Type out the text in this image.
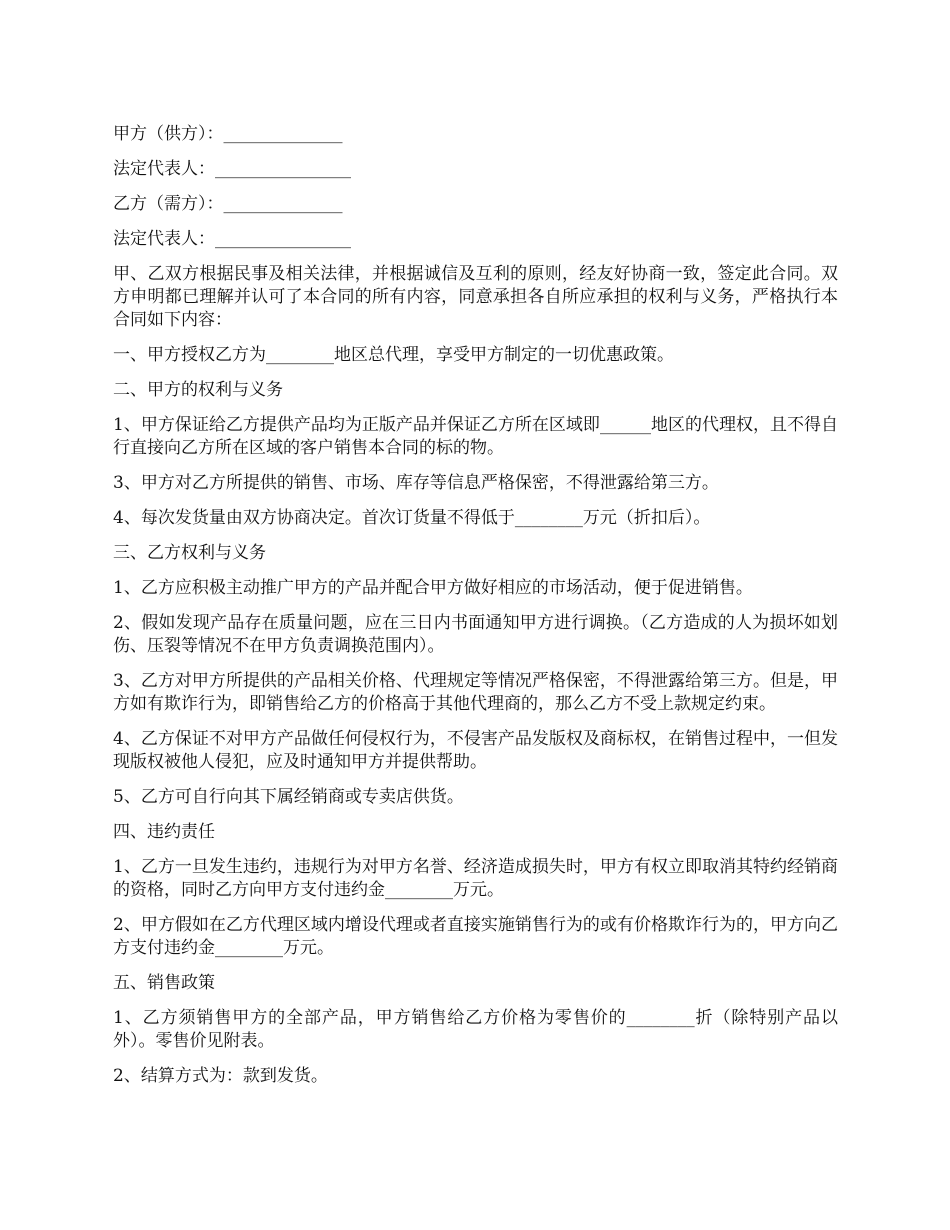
甲方（供方）：______________

法定代表人：________________

乙方（需方）：______________

法定代表人：________________

甲、乙双方根据民事及相关法律，并根据诚信及互利的原则，经友好协商一致，签定此合同。双方申明都已理解并认可了本合同的所有内容，同意承担各自所应承担的权利与义务，严格执行本合同如下内容：

一、甲方授权乙方为________地区总代理，享受甲方制定的一切优惠政策。

二、甲方的权利与义务

1、甲方保证给乙方提供产品均为正版产品并保证乙方所在区域即______地区的代理权，且不得自行直接向乙方所在区域的客户销售本合同的标的物。

3、甲方对乙方所提供的销售、市场、库存等信息严格保密，不得泄露给第三方。

4、每次发货量由双方协商决定。首次订货量不得低于________万元（折扣后）。

三、乙方权利与义务

1、乙方应积极主动推广甲方的产品并配合甲方做好相应的市场活动，便于促进销售。

2、假如发现产品存在质量问题，应在三日内书面通知甲方进行调换。（乙方造成的人为损坏如划伤、压裂等情况不在甲方负责调换范围内）。

3、乙方对甲方所提供的产品相关价格、代理规定等情况严格保密，不得泄露给第三方。但是，甲方如有欺诈行为，即销售给乙方的价格高于其他代理商的，那么乙方不受上款规定约束。

4、乙方保证不对甲方产品做任何侵权行为，不侵害产品发版权及商标权，在销售过程中，一但发现版权被他人侵犯，应及时通知甲方并提供帮助。

5、乙方可自行向其下属经销商或专卖店供货。

四、违约责任

1、乙方一旦发生违约，违规行为对甲方名誉、经济造成损失时，甲方有权立即取消其特约经销商的资格，同时乙方向甲方支付违约金________万元。

2、甲方假如在乙方代理区域内增设代理或者直接实施销售行为的或有价格欺诈行为的，甲方向乙方支付违约金________万元。

五、销售政策

1、乙方须销售甲方的全部产品，甲方销售给乙方价格为零售价的________折（除特别产品以外）。零售价见附表。

2、结算方式为：款到发货。
